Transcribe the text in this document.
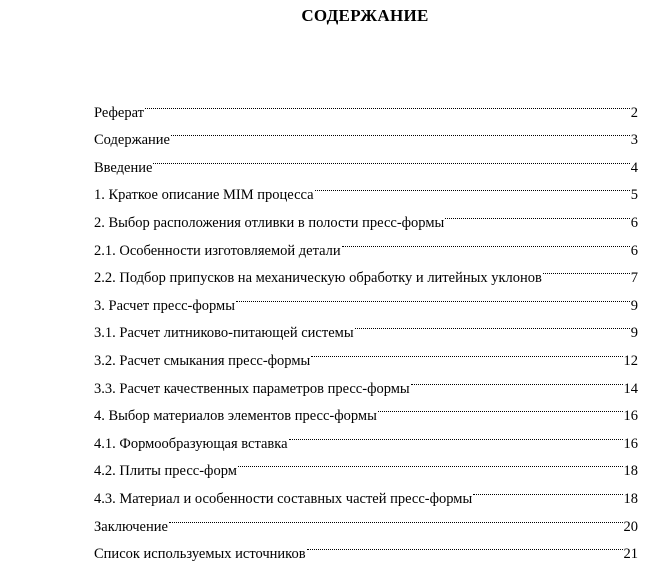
СОДЕРЖАНИЕ
Реферат	2
Содержание	3
Введение	4
1. Краткое описание MIM процесса	5
2. Выбор расположения отливки в полости пресс-формы	6
2.1. Особенности изготовляемой детали	6
2.2. Подбор припусков на механическую обработку и литейных уклонов	7
3. Расчет пресс-формы	9
3.1. Расчет литниково-питающей системы	9
3.2. Расчет смыкания пресс-формы	12
3.3. Расчет качественных параметров пресс-формы	14
4. Выбор материалов элементов пресс-формы	16
4.1. Формообразующая вставка	16
4.2. Плиты пресс-форм	18
4.3. Материал и особенности составных частей пресс-формы	18
Заключение	20
Список используемых источников	21
